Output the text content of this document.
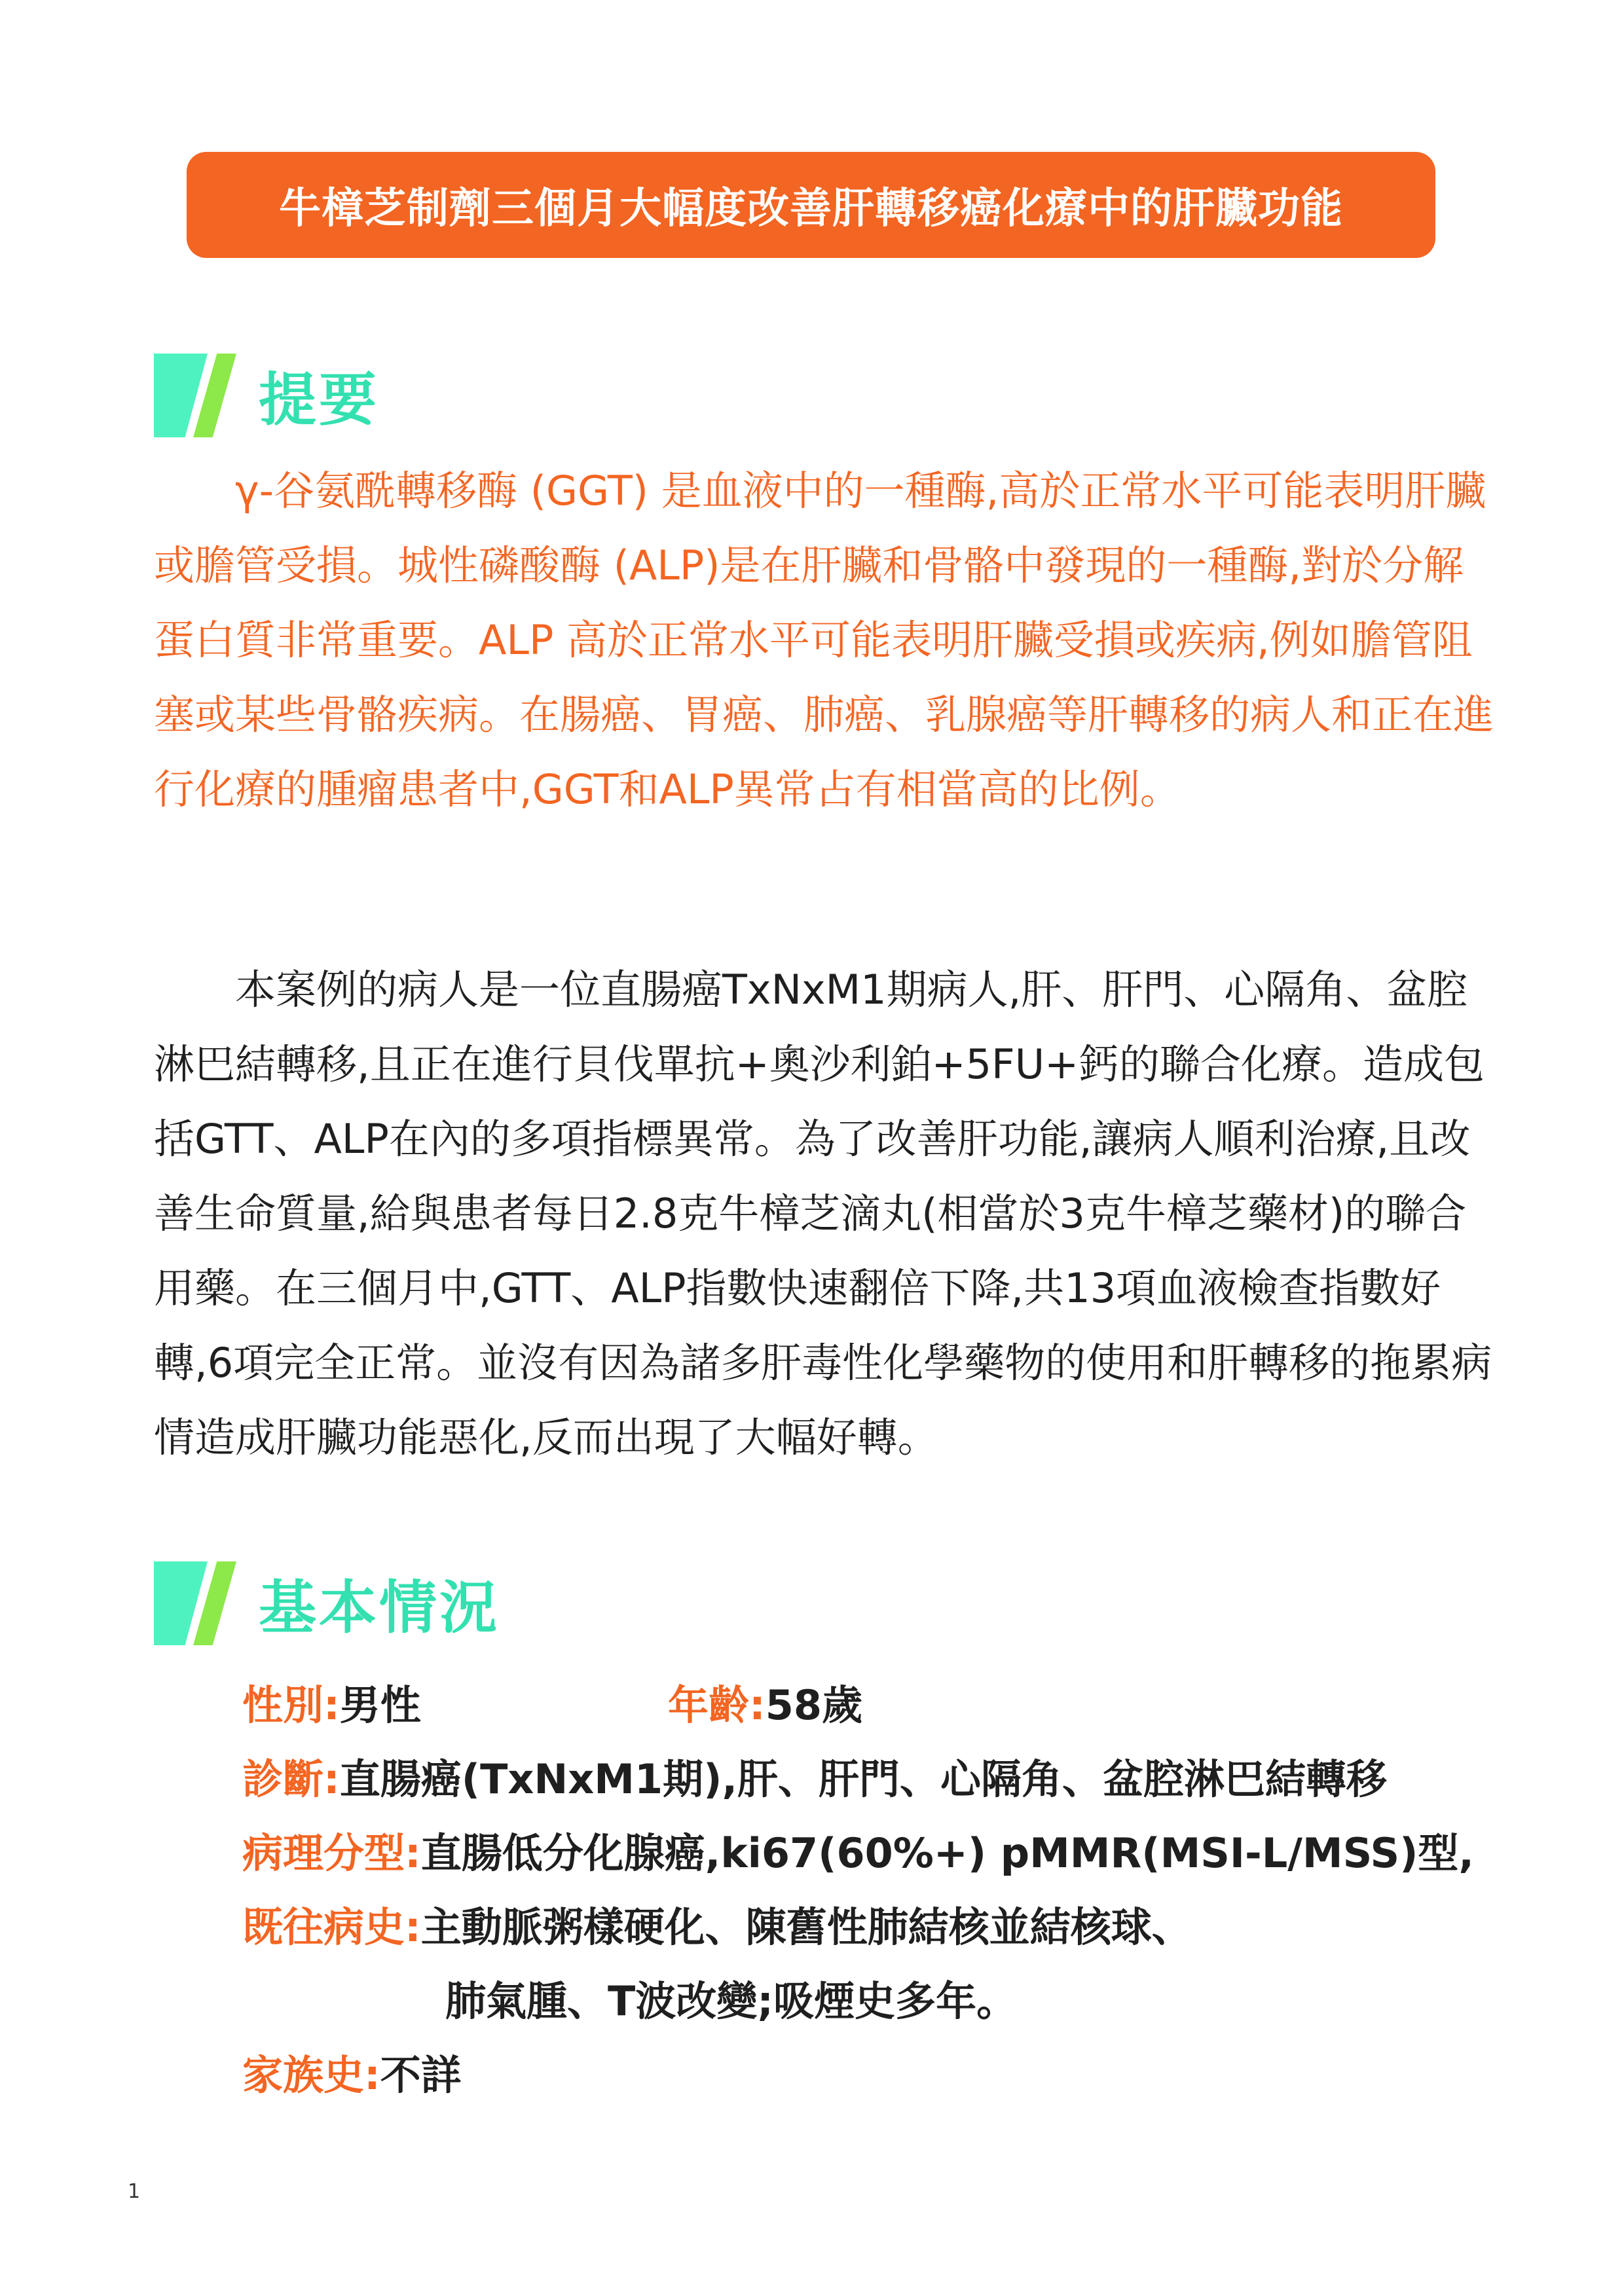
牛樟芝制劑三個月大幅度改善肝轉移癌化療中的肝臟功能
提要
γ-谷氨酰轉移酶 (GGT) 是血液中的一種酶,高於正常水平可能表明肝臟或膽管受損。城性磷酸酶 (ALP)是在肝臟和骨骼中發現的一種酶,對於分解蛋白質非常重要。ALP 高於正常水平可能表明肝臟受損或疾病,例如膽管阻塞或某些骨骼疾病。在腸癌、胃癌、肺癌、乳腺癌等肝轉移的病人和正在進行化療的腫瘤患者中,GGT和ALP異常占有相當高的比例。
本案例的病人是一位直腸癌TxNxM1期病人,肝、肝門、心隔角、盆腔淋巴結轉移,且正在進行貝伐單抗+奧沙利鉑+5FU+鈣的聯合化療。造成包括GTT、ALP在內的多項指標異常。為了改善肝功能,讓病人順利治療,且改善生命質量,給與患者每日2.8克牛樟芝滴丸(相當於3克牛樟芝藥材)的聯合用藥。在三個月中,GTT、ALP指數快速翻倍下降,共13項血液檢查指數好轉,6項完全正常。並沒有因為諸多肝毒性化學藥物的使用和肝轉移的拖累病情造成肝臟功能惡化,反而出現了大幅好轉。
基本情況
性別:男性	年齡:58歲
診斷:直腸癌(TxNxM1期),肝、肝門、心隔角、盆腔淋巴結轉移
病理分型:直腸低分化腺癌,ki67(60%+) pMMR(MSI-L/MSS)型,
既往病史:主動脈粥樣硬化、陳舊性肺結核並結核球、
肺氣腫、T波改變;吸煙史多年。
家族史:不詳
1
